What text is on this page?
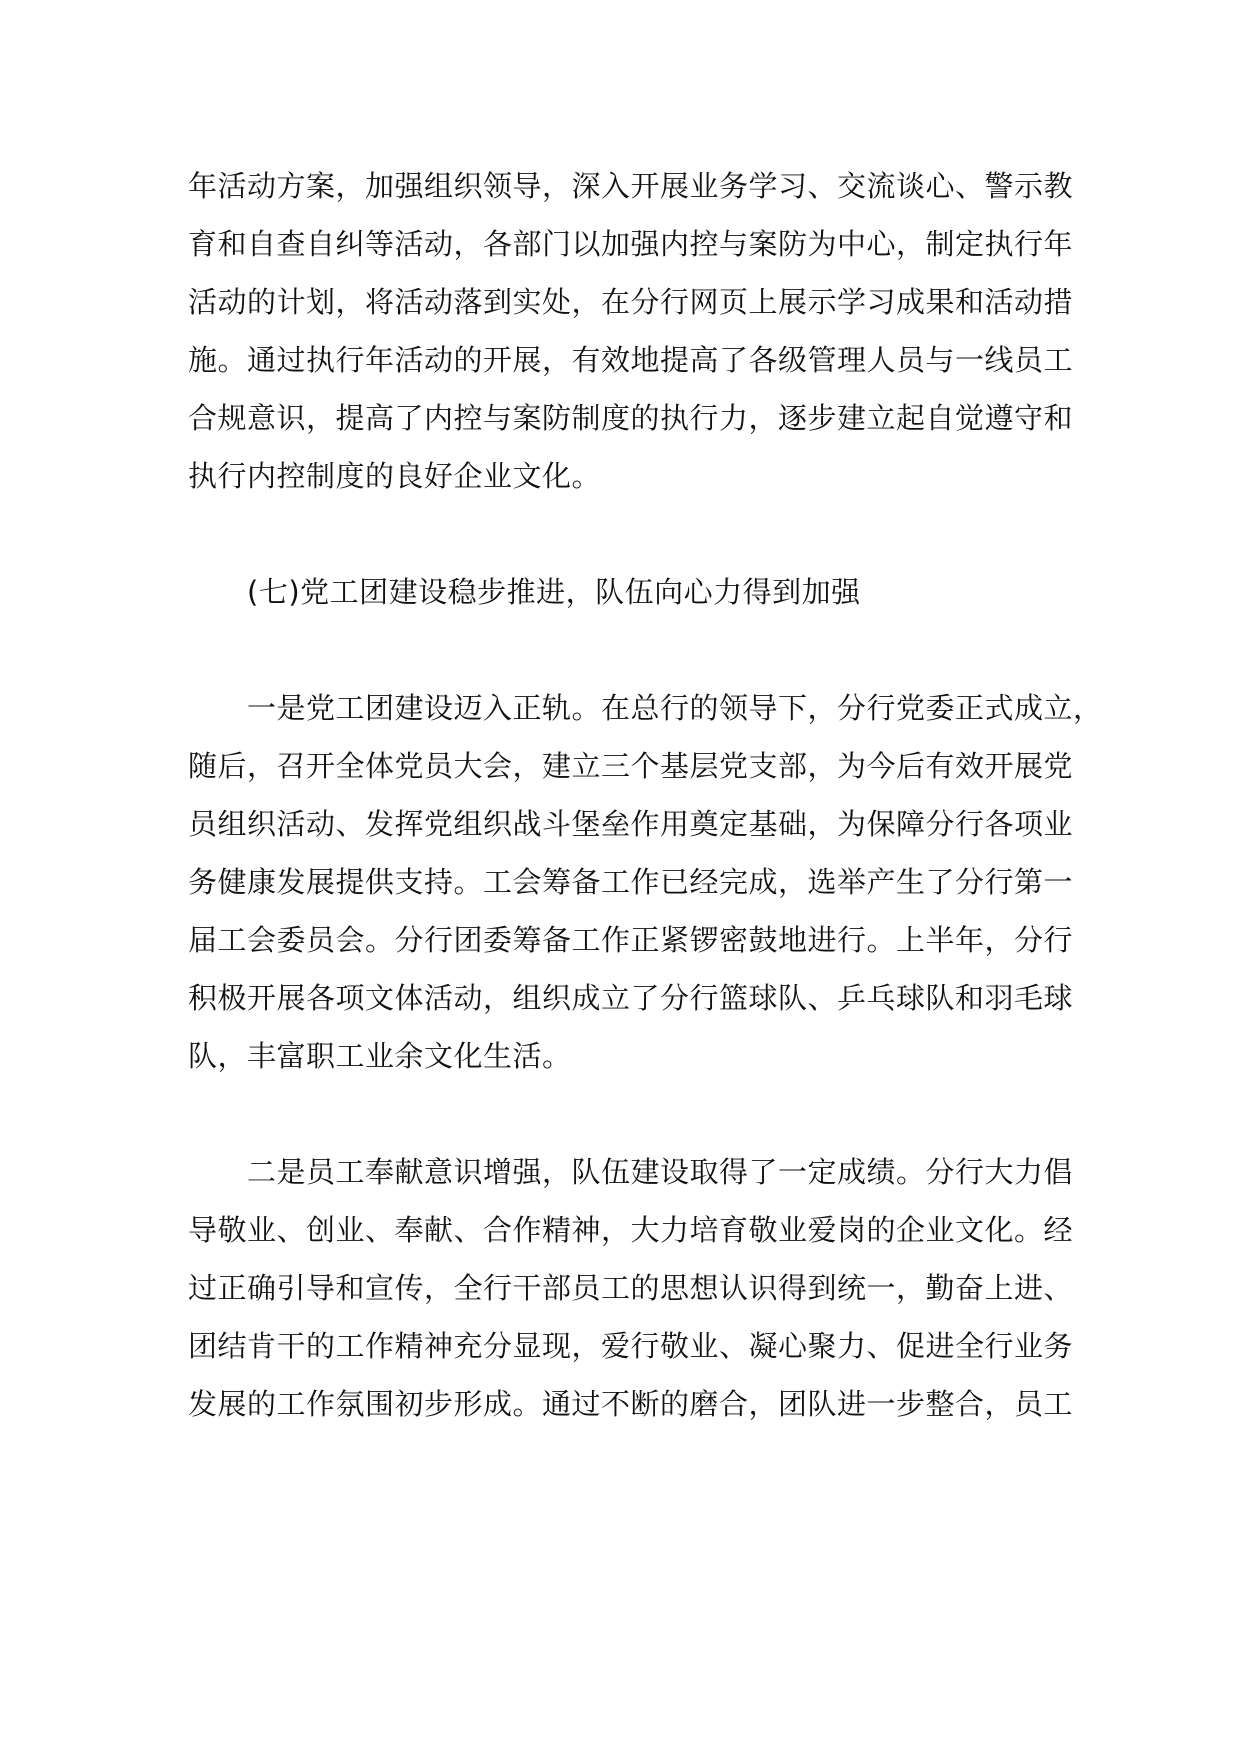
年活动方案，加强组织领导，深入开展业务学习、交流谈心、警示教
育和自查自纠等活动，各部门以加强内控与案防为中心，制定执行年
活动的计划，将活动落到实处，在分行网页上展示学习成果和活动措
施。通过执行年活动的开展，有效地提高了各级管理人员与一线员工
合规意识，提高了内控与案防制度的执行力，逐步建立起自觉遵守和
执行内控制度的良好企业文化。
(七)党工团建设稳步推进，队伍向心力得到加强
一是党工团建设迈入正轨。在总行的领导下，分行党委正式成立，
随后，召开全体党员大会，建立三个基层党支部，为今后有效开展党
员组织活动、发挥党组织战斗堡垒作用奠定基础，为保障分行各项业
务健康发展提供支持。工会筹备工作已经完成，选举产生了分行第一
届工会委员会。分行团委筹备工作正紧锣密鼓地进行。上半年，分行
积极开展各项文体活动，组织成立了分行篮球队、乒乓球队和羽毛球
队，丰富职工业余文化生活。
二是员工奉献意识增强，队伍建设取得了一定成绩。分行大力倡
导敬业、创业、奉献、合作精神，大力培育敬业爱岗的企业文化。经
过正确引导和宣传，全行干部员工的思想认识得到统一，勤奋上进、
团结肯干的工作精神充分显现，爱行敬业、凝心聚力、促进全行业务
发展的工作氛围初步形成。通过不断的磨合，团队进一步整合，员工
